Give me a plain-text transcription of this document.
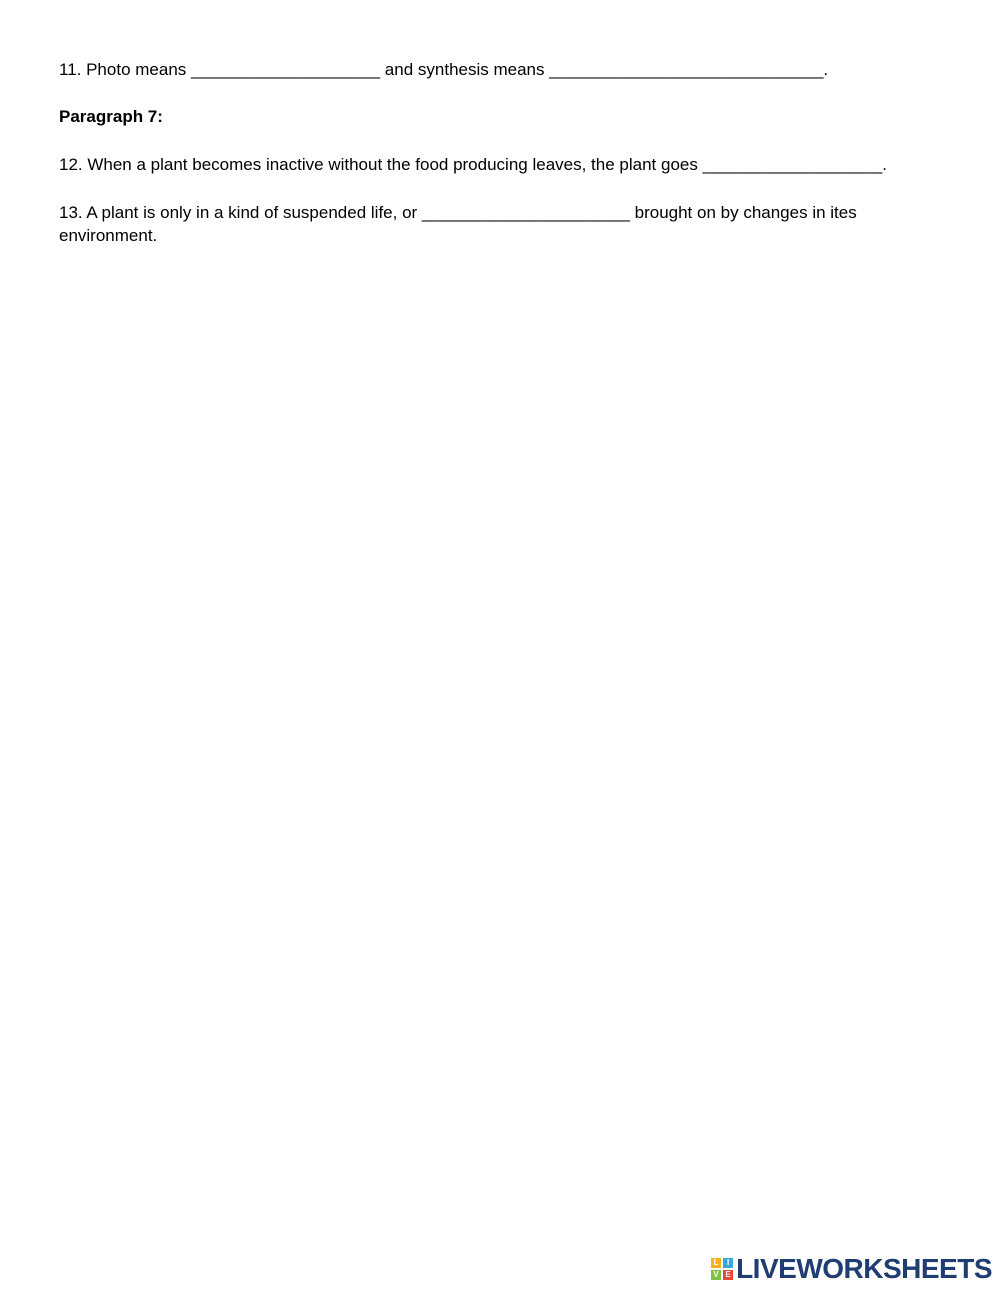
11. Photo means ____________________ and synthesis means _____________________________.
Paragraph 7:
12. When a plant becomes inactive without the food producing leaves, the plant goes ___________________.
13. A plant is only in a kind of suspended life, or ______________________ brought on by changes in ites environment.
L	I
V E LIVEWORKSHEETS
